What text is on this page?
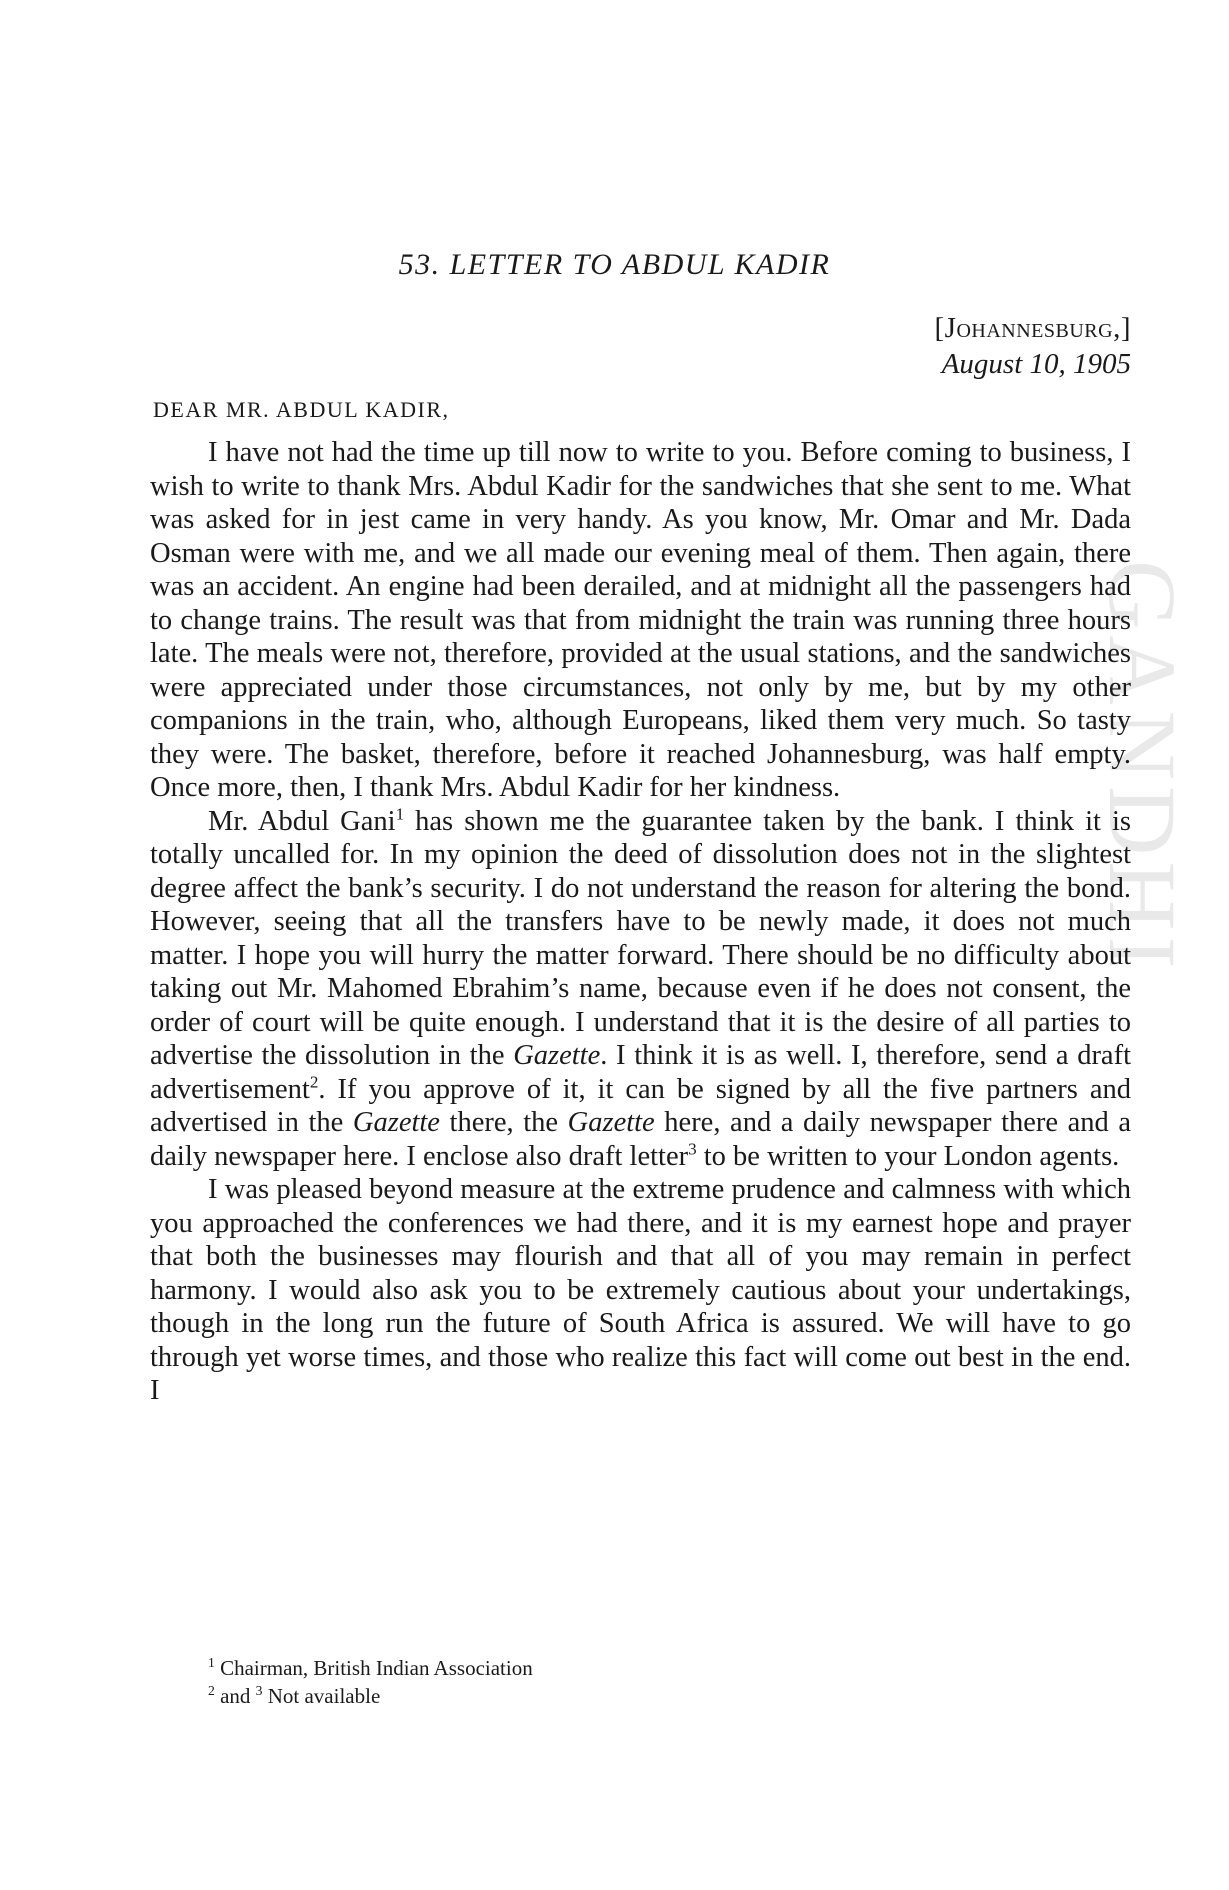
GANDHI
53. LETTER TO ABDUL KADIR
[Johannesburg,]
August 10, 1905
DEAR MR. ABDUL KADIR,

I have not had the time up till now to write to you. Before coming to business, I wish to write to thank Mrs. Abdul Kadir for the sandwiches that she sent to me. What was asked for in jest came in very handy. As you know, Mr. Omar and Mr. Dada Osman were with me, and we all made our evening meal of them. Then again, there was an accident. An engine had been derailed, and at midnight all the passengers had to change trains. The result was that from midnight the train was running three hours late. The meals were not, therefore, provided at the usual stations, and the sandwiches were appreciated under those circumstances, not only by me, but by my other companions in the train, who, although Europeans, liked them very much. So tasty they were. The basket, therefore, before it reached Johannesburg, was half empty. Once more, then, I thank Mrs. Abdul Kadir for her kindness.

Mr. Abdul Gani$^1$ has shown me the guarantee taken by the bank. I think it is totally uncalled for. In my opinion the deed of dissolution does not in the slightest degree affect the bank’s security. I do not understand the reason for altering the bond. However, seeing that all the transfers have to be newly made, it does not much matter. I hope you will hurry the matter forward. There should be no difficulty about taking out Mr. Mahomed Ebrahim’s name, because even if he does not consent, the order of court will be quite enough. I understand that it is the desire of all parties to advertise the dissolution in the Gazette. I think it is as well. I, therefore, send a draft advertisement$^2$. If you approve of it, it can be signed by all the five partners and advertised in the Gazette there, the Gazette here, and a daily newspaper there and a daily newspaper here. I enclose also draft letter$^3$ to be written to your London agents.

I was pleased beyond measure at the extreme prudence and calmness with which you approached the conferences we had there, and it is my earnest hope and prayer that both the businesses may flourish and that all of you may remain in perfect harmony. I would also ask you to be extremely cautious about your undertakings, though in the long run the future of South Africa is assured. We will have to go through yet worse times, and those who realize this fact will come out best in the end. I

$^1$ Chairman, British Indian Association
$^2$ and $^3$ Not available
